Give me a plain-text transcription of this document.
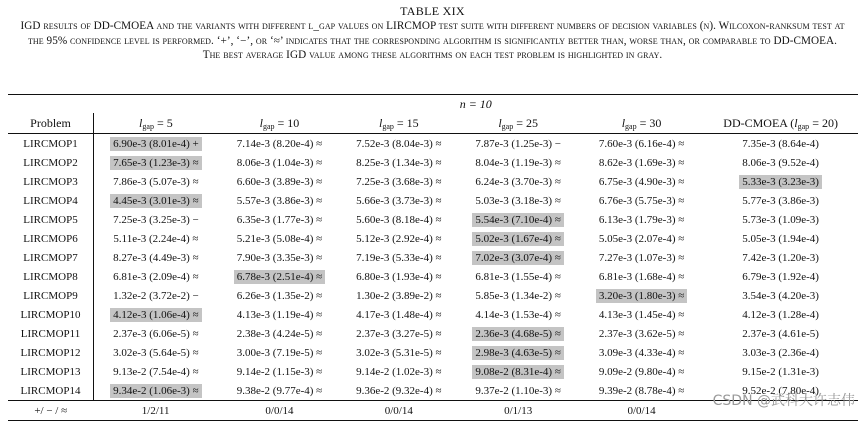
TABLE XIX
IGD results of DD-CMOEA and the variants with different l_gap values on LIRCMOP test suite with different numbers of decision variables (n). Wilcoxon-ranksum test at the 95% confidence level is performed. ‘+’, ‘−’, or ‘≈’ indicates that the corresponding algorithm is significantly better than, worse than, or comparable to DD-CMOEA. The best average IGD value among these algorithms on each test problem is highlighted in gray.

	n = 10					
Problem	$l_{gap} = 5$	$l_{gap} = 10$	$l_{gap} = 15$	$l_{gap} = 25$	$l_{gap} = 30$	DD-CMOEA $(l_{gap} = 20)$
LIRCMOP1	6.90e-3 (8.01e-4) +	7.14e-3 (8.20e-4) ≈	7.52e-3 (8.04e-3) ≈	7.87e-3 (1.25e-3) −	7.60e-3 (6.16e-4) ≈	7.35e-3 (8.64e-4)
LIRCMOP2	7.65e-3 (1.23e-3) ≈	8.06e-3 (1.04e-3) ≈	8.25e-3 (1.34e-3) ≈	8.04e-3 (1.19e-3) ≈	8.62e-3 (1.69e-3) ≈	8.06e-3 (9.52e-4)
LIRCMOP3	7.86e-3 (5.07e-3) ≈	6.60e-3 (3.89e-3) ≈	7.25e-3 (3.68e-3) ≈	6.24e-3 (3.70e-3) ≈	6.75e-3 (4.90e-3) ≈	5.33e-3 (3.23e-3)
LIRCMOP4	4.45e-3 (3.01e-3) ≈	5.57e-3 (3.86e-3) ≈	5.66e-3 (3.73e-3) ≈	5.03e-3 (3.18e-3) ≈	6.76e-3 (5.75e-3) ≈	5.77e-3 (3.86e-3)
LIRCMOP5	7.25e-3 (3.25e-3) −	6.35e-3 (1.77e-3) ≈	5.60e-3 (8.18e-4) ≈	5.54e-3 (7.10e-4) ≈	6.13e-3 (1.79e-3) ≈	5.73e-3 (1.09e-3)
LIRCMOP6	5.11e-3 (2.24e-4) ≈	5.21e-3 (5.08e-4) ≈	5.12e-3 (2.92e-4) ≈	5.02e-3 (1.67e-4) ≈	5.05e-3 (2.07e-4) ≈	5.05e-3 (1.94e-4)
LIRCMOP7	8.27e-3 (4.49e-3) ≈	7.90e-3 (3.35e-3) ≈	7.19e-3 (5.33e-4) ≈	7.02e-3 (3.07e-4) ≈	7.27e-3 (1.07e-3) ≈	7.42e-3 (1.20e-3)
LIRCMOP8	6.81e-3 (2.09e-4) ≈	6.78e-3 (2.51e-4) ≈	6.80e-3 (1.93e-4) ≈	6.81e-3 (1.55e-4) ≈	6.81e-3 (1.68e-4) ≈	6.79e-3 (1.92e-4)
LIRCMOP9	1.32e-2 (3.72e-2) −	6.26e-3 (1.35e-2) ≈	1.30e-2 (3.89e-2) ≈	5.85e-3 (1.34e-2) ≈	3.20e-3 (1.80e-3) ≈	3.54e-3 (4.20e-3)
LIRCMOP10	4.12e-3 (1.06e-4) ≈	4.13e-3 (1.19e-4) ≈	4.17e-3 (1.48e-4) ≈	4.14e-3 (1.53e-4) ≈	4.13e-3 (1.45e-4) ≈	4.12e-3 (1.28e-4)
LIRCMOP11	2.37e-3 (6.06e-5) ≈	2.38e-3 (4.24e-5) ≈	2.37e-3 (3.27e-5) ≈	2.36e-3 (4.68e-5) ≈	2.37e-3 (3.62e-5) ≈	2.37e-3 (4.61e-5)
LIRCMOP12	3.02e-3 (5.64e-5) ≈	3.00e-3 (7.19e-5) ≈	3.02e-3 (5.31e-5) ≈	2.98e-3 (4.63e-5) ≈	3.09e-3 (4.33e-4) ≈	3.03e-3 (2.36e-4)
LIRCMOP13	9.13e-2 (7.54e-4) ≈	9.14e-2 (1.15e-3) ≈	9.14e-2 (1.02e-3) ≈	9.08e-2 (8.31e-4) ≈	9.09e-2 (9.80e-4) ≈	9.15e-2 (1.31e-3)
LIRCMOP14	9.34e-2 (1.06e-3) ≈	9.38e-2 (9.77e-4) ≈	9.36e-2 (9.32e-4) ≈	9.37e-2 (1.10e-3) ≈	9.39e-2 (8.78e-4) ≈	9.52e-2 (7.80e-4)
+/ − / ≈	1/2/11	0/0/14	0/0/14	0/1/13	0/0/14	
CSDN @武科大许志伟
